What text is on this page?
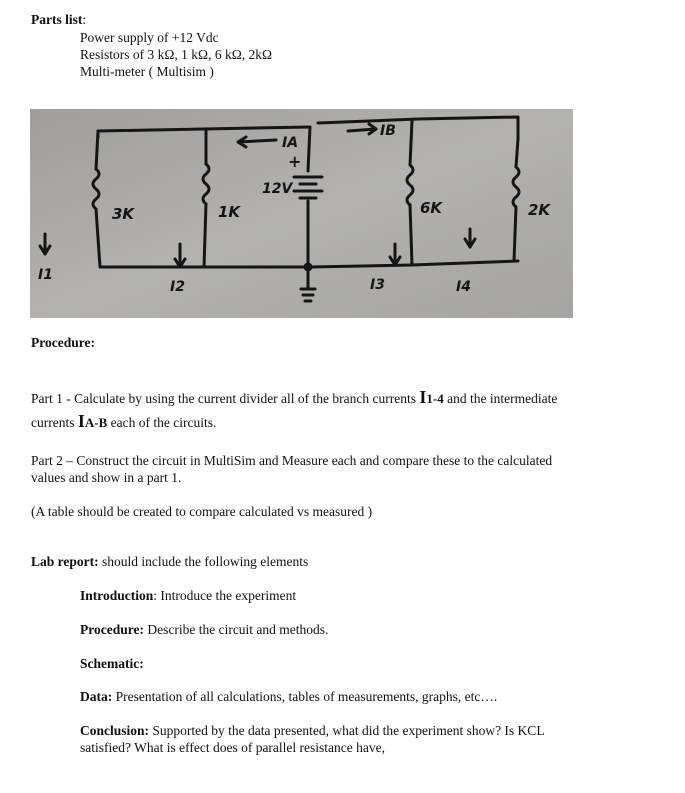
Parts list:
Power supply of +12 Vdc
Resistors of 3 kΩ, 1 kΩ, 6 kΩ, 2kΩ
Multi-meter ( Multisim )
3K	1K
12V
+
6K	2K
IA
IB
I1
I2	I3	I4
Procedure:
Part 1 - Calculate by using the current divider all of the branch currents I1-4 and the intermediate
currents IA-B each of the circuits.
Part 2 – Construct the circuit in MultiSim and Measure each and compare these to the calculated
values and show in a part 1.
(A table should be created to compare calculated vs measured )
Lab report: should include the following elements
Introduction: Introduce the experiment
Procedure: Describe the circuit and methods.
Schematic:
Data: Presentation of all calculations, tables of measurements, graphs, etc….
Conclusion: Supported by the data presented, what did the experiment show? Is KCL
satisfied? What is effect does of parallel resistance have,
